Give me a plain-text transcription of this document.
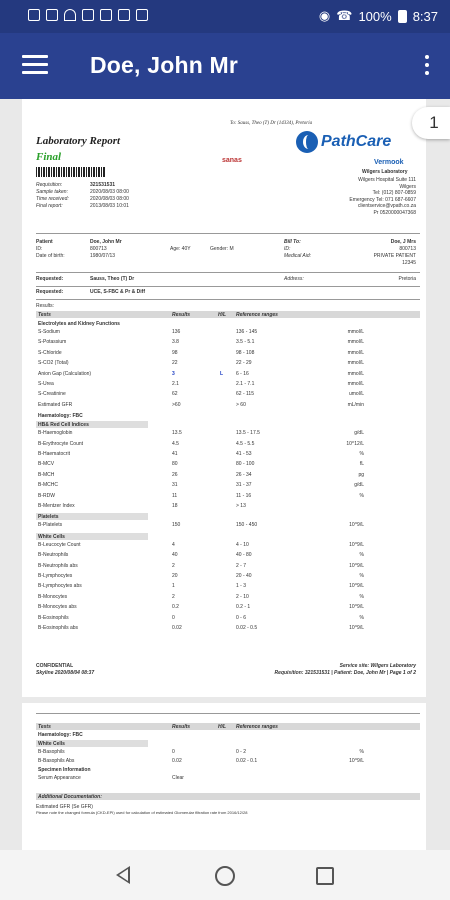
◉ ☎ 100% 8:37
Doe, John Mr
To: Sauss, Theo (T) Dr (14334), Pretoria
Laboratory Report
Final	sanas
PathCare
Vermook
Wilgers Laboratory
CONFIDENTIAL
Skyline 2020/08/04 08:37
Service site: Wilgers Laboratory
Requisition: 321531531 | Patient: Doe, John Mr | Page 1 of 2
Wilgers Hospital Suite 111
Wilgers
Tel: (012) 807-0859
Emergency Tel: 071 687-6607
clientservice@vpath.co.za
Pr 0520000047368
Requisition:	321531531
Sample taken:	2020/08/03 08:00
Time received:	2020/08/03 08:00
Final report:	2013/08/03 10:01
Patient	Doe, John Mr
ID:	800713
Date of birth:	1980/07/13
Age: 40Y	Gender: M
Bill To:	Doe, J Mrs
ID:	800713
Medical Aid:	PRIVATE PATIENT
12345
Requested:	Sauss, Theo (T) Dr	Address:	Pretoria
Requested:	UCE, S-FBC & Pr & Diff
Results:
Tests	Results	H/L Reference ranges
Electrolytes and Kidney Functions
S-Sodium	136	136 - 145	mmol/L
S-Potassium	3.8	3.5 - 5.1	mmol/L
S-Chloride	98	98 - 108	mmol/L
S-CO2 (Total)	22	22 - 29	mmol/L
Anion Gap (Calculation)	3	L	6 - 16	mmol/L
S-Urea	2.1	2.1 - 7.1	mmol/L
S-Creatinine	62	62 - 115	umol/L
Estimated GFR	>60	> 60	mL/min
Haematology: FBC
HB& Red Cell Indices
B-Haemoglobin	13.5	13.5 - 17.5	g/dL
B-Erythrocyte Count	4.5	4.5 - 5.5	10^12/L
B-Haematocrit	41	41 - 53	%
B-MCV	80	80 - 100	fL
B-MCH	26	26 - 34	pg
B-MCHC	31	31 - 37	g/dL
B-RDW	11	11 - 16	%
B-Mentzer Index	18	> 13
Platelets
B-Platelets	150	150 - 450	10^9/L
White Cells
B-Leucocyte Count	4	4 - 10	10^9/L
B-Neutrophils	40	40 - 80	%
B-Neutrophils abs	2	2 - 7	10^9/L
B-Lymphocytes	20	20 - 40	%
B-Lymphocytes abs	1	1 - 3	10^9/L
B-Monocytes	2	2 - 10	%
B-Monocytes abs	0.2	0.2 - 1	10^9/L
B-Eosinophils	0	0 - 6	%
B-Eosinophils abs	0.02	0.02 - 0.5	10^9/L
Tests	Results	H/L Reference ranges
Haematology: FBC
White Cells
B-Basophils	0	0 - 2	%
B-Basophils Abs	0.02	0.02 - 0.1	10^9/L
Specimen Information
Serum Appearance	Clear
Additional Documentation:
Estimated GFR (Se GFR)
Please note the changed formula (CKD-EPI) used for calculation of estimated Glomerular filtration rate from 2016/12/28
1
